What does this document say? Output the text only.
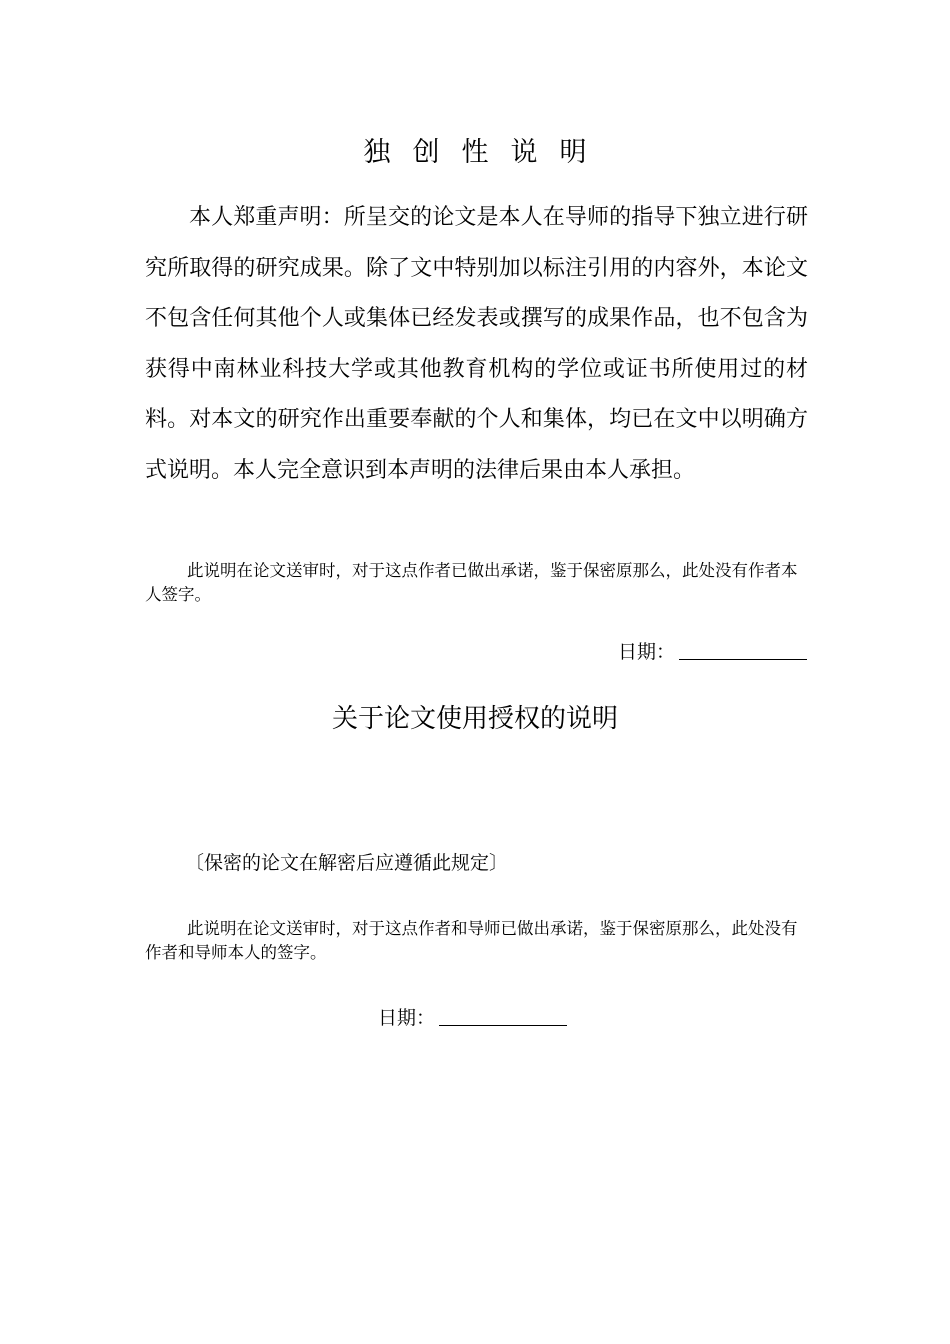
独创性说明

本人郑重声明：所呈交的论文是本人在导师的指导下独立进行研究所取得的研究成果。除了文中特别加以标注引用的内容外，本论文不包含任何其他个人或集体已经发表或撰写的成果作品，也不包含为获得中南林业科技大学或其他教育机构的学位或证书所使用过的材料。对本文的研究作出重要奉献的个人和集体，均已在文中以明确方式说明。本人完全意识到本声明的法律后果由本人承担。

此说明在论文送审时，对于这点作者已做出承诺，鉴于保密原那么，此处没有作者本人签字。

日期：
关于论文使用授权的说明
〔保密的论文在解密后应遵循此规定〕

此说明在论文送审时，对于这点作者和导师已做出承诺，鉴于保密原那么，此处没有作者和导师本人的签字。

日期：
